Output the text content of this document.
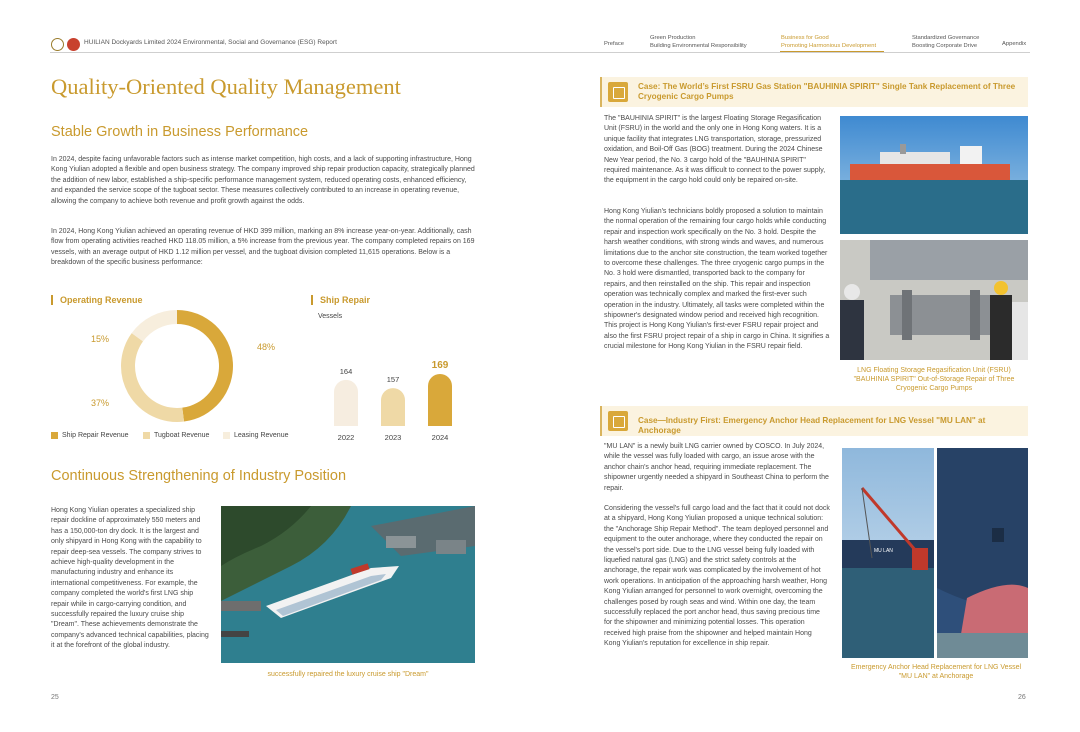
HUILIAN Dockyards Limited 2024 Environmental, Social and Governance (ESG) Report	Preface
Green Production
Building Environmental Responsibility
Business for Good
Promoting Harmonious Development
Standardized Governance
Boosting Corporate Drive	Appendix
Quality-Oriented Quality Management
Stable Growth in Business Performance
In 2024, despite facing unfavorable factors such as intense market competition, high costs, and a lack of supporting infrastructure, Hong Kong Yiulian adopted a flexible and open business strategy. The company improved ship repair production capacity, strategically planned the addition of new labor, established a ship-specific performance management system, reduced operating costs, enhanced efficiency, and expanded the service scope of the tugboat sector. These measures collectively contributed to an increase in operating revenue, allowing the company to achieve both revenue and profit growth against the odds.
In 2024, Hong Kong Yiulian achieved an operating revenue of HKD 399 million, marking an 8% increase year-on-year. Additionally, cash flow from operating activities reached HKD 118.05 million, a 5% increase from the previous year. The company completed repairs on 169 vessels, with an average output of HKD 1.12 million per vessel, and the tugboat division completed 11,615 operations. Below is a breakdown of the specific business performance:
Operating Revenue
48%
37%
15%
Ship Repair Revenue	Tugboat Revenue	Leasing Revenue
Ship Repair
Vessels
164
2022
157
2023
169
2024
Continuous Strengthening of Industry Position
Hong Kong Yiulian operates a specialized ship repair dockline of approximately 550 meters and has a 150,000-ton dry dock. It is the largest and only shipyard in Hong Kong with the capability to repair deep-sea vessels. The company strives to achieve high-quality development in the manufacturing industry and enhance its international competitiveness. For example, the company completed the world's first LNG ship repair while in cargo-carrying condition, and successfully repaired the luxury cruise ship "Dream". These achievements demonstrate the company's advanced technical capabilities, placing it at the forefront of the global industry.
successfully repaired the luxury cruise ship "Dream"
25
Case: The World’s First FSRU Gas Station "BAUHINIA SPIRIT" Single Tank Replacement of Three Cryogenic Cargo Pumps
The "BAUHINIA SPIRIT" is the largest Floating Storage Regasification Unit (FSRU) in the world and the only one in Hong Kong waters. It is a unique facility that integrates LNG transportation, storage, pressurized oxidation, and Boil-Off Gas (BOG) treatment. During the 2024 Chinese New Year period, the No. 3 cargo hold of the "BAUHINIA SPIRIT" required maintenance. As it was difficult to connect to the power supply, the equipment in the cargo hold could only be repaired on-site.
Hong Kong Yiulian's technicians boldly proposed a solution to maintain the normal operation of the remaining four cargo holds while conducting repair and inspection work specifically on the No. 3 hold. Despite the harsh weather conditions, with strong winds and waves, and numerous limitations due to the anchor site construction, the team worked together to overcome these challenges. The three cryogenic cargo pumps in the No. 3 hold were dismantled, transported back to the company for repairs, and then reinstalled on the ship. This repair and inspection operation was technically complex and marked the first-ever such operation in the industry. Ultimately, all tasks were completed within the shipowner's designated window period and received high recognition. This project is Hong Kong Yiulian's first-ever FSRU repair project and also the first FSRU project repair of a ship in cargo in China. It signifies a crucial milestone for Hong Kong Yiulian in the FSRU repair field.
LNG Floating Storage Regasification Unit (FSRU) "BAUHINIA SPIRIT" Out-of-Storage Repair of Three Cryogenic Cargo Pumps
Case—Industry First: Emergency Anchor Head Replacement for LNG Vessel "MU LAN" at Anchorage
"MU LAN" is a newly built LNG carrier owned by COSCO. In July 2024, while the vessel was fully loaded with cargo, an issue arose with the anchor chain's anchor head, requiring immediate replacement. The shipowner urgently needed a shipyard in Southeast China to perform the repair.
Considering the vessel's full cargo load and the fact that it could not dock at a shipyard, Hong Kong Yiulian proposed a unique technical solution: the "Anchorage Ship Repair Method". The team deployed personnel and equipment to the outer anchorage, where they conducted the repair on the vessel's port side. Due to the LNG vessel being fully loaded with liquefied natural gas (LNG) and the strict safety controls at the anchorage, the repair work was complicated by the involvement of hot work operations. In anticipation of the approaching harsh weather, Hong Kong Yiulian arranged for personnel to work overnight, overcoming the challenges posed by rough seas and wind. Within one day, the team successfully replaced the port anchor head, thus saving precious time for the shipowner and minimizing potential losses. This operation received high praise from the shipowner and helped maintain Hong Kong Yiulian's reputation for excellence in ship repair.
MU LAN
Emergency Anchor Head Replacement for LNG Vessel "MU LAN" at Anchorage
26
